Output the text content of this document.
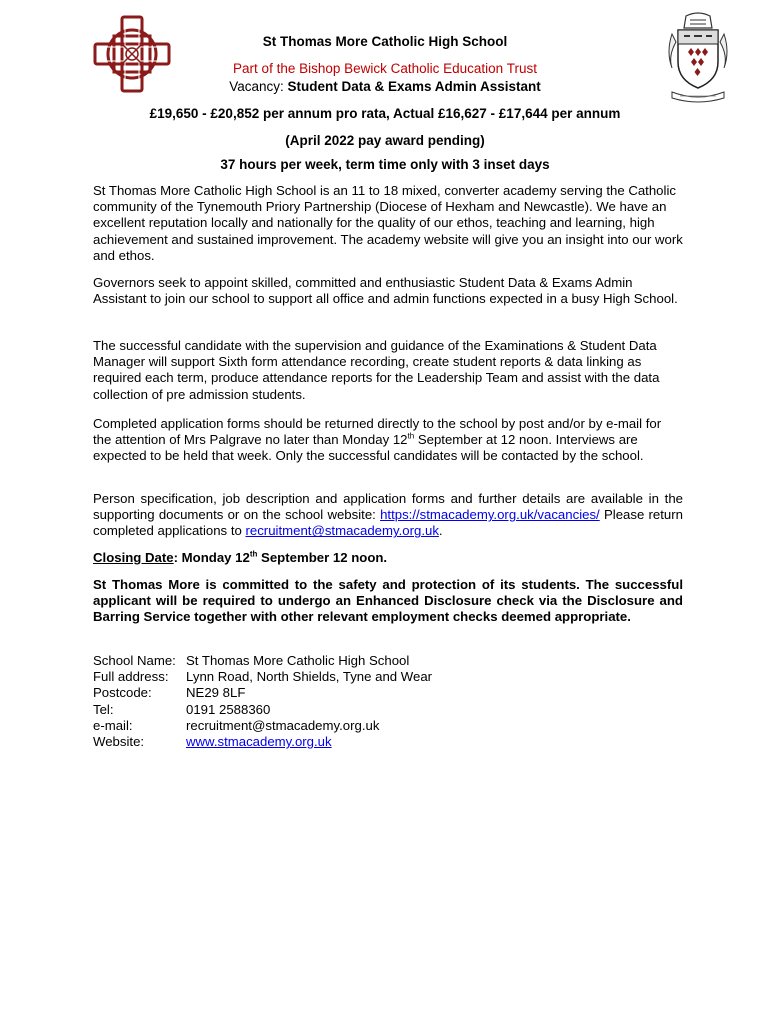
St Thomas More Catholic High School
Part of the Bishop Bewick Catholic Education Trust
Vacancy: Student Data & Exams Admin Assistant
£19,650 - £20,852 per annum pro rata, Actual £16,627 - £17,644 per annum
(April 2022 pay award pending)
37 hours per week, term time only with 3 inset days
St Thomas More Catholic High School is an 11 to 18 mixed, converter academy serving the Catholic community of the Tynemouth Priory Partnership (Diocese of Hexham and Newcastle). We have an excellent reputation locally and nationally for the quality of our ethos, teaching and learning, high achievement and sustained improvement. The academy website will give you an insight into our work and ethos.
Governors seek to appoint skilled, committed and enthusiastic Student Data & Exams Admin Assistant to join our school to support all office and admin functions expected in a busy High School.
The successful candidate with the supervision and guidance of the Examinations & Student Data Manager will support Sixth form attendance recording, create student reports & data linking as required each term, produce attendance reports for the Leadership Team and assist with the data collection of pre admission students.
Completed application forms should be returned directly to the school by post and/or by e-mail for the attention of Mrs Palgrave no later than Monday 12th September at 12 noon. Interviews are expected to be held that week. Only the successful candidates will be contacted by the school.
Person specification, job description and application forms and further details are available in the supporting documents or on the school website: https://stmacademy.org.uk/vacancies/ Please return completed applications to recruitment@stmacademy.org.uk.
Closing Date: Monday 12th September 12 noon.
St Thomas More is committed to the safety and protection of its students. The successful applicant will be required to undergo an Enhanced Disclosure check via the Disclosure and Barring Service together with other relevant employment checks deemed appropriate.
School Name: St Thomas More Catholic High School
Full address:	Lynn Road, North Shields, Tyne and Wear
Postcode:	NE29 8LF
Tel:	0191 2588360
e-mail:	recruitment@stmacademy.org.uk
Website:	www.stmacademy.org.uk
